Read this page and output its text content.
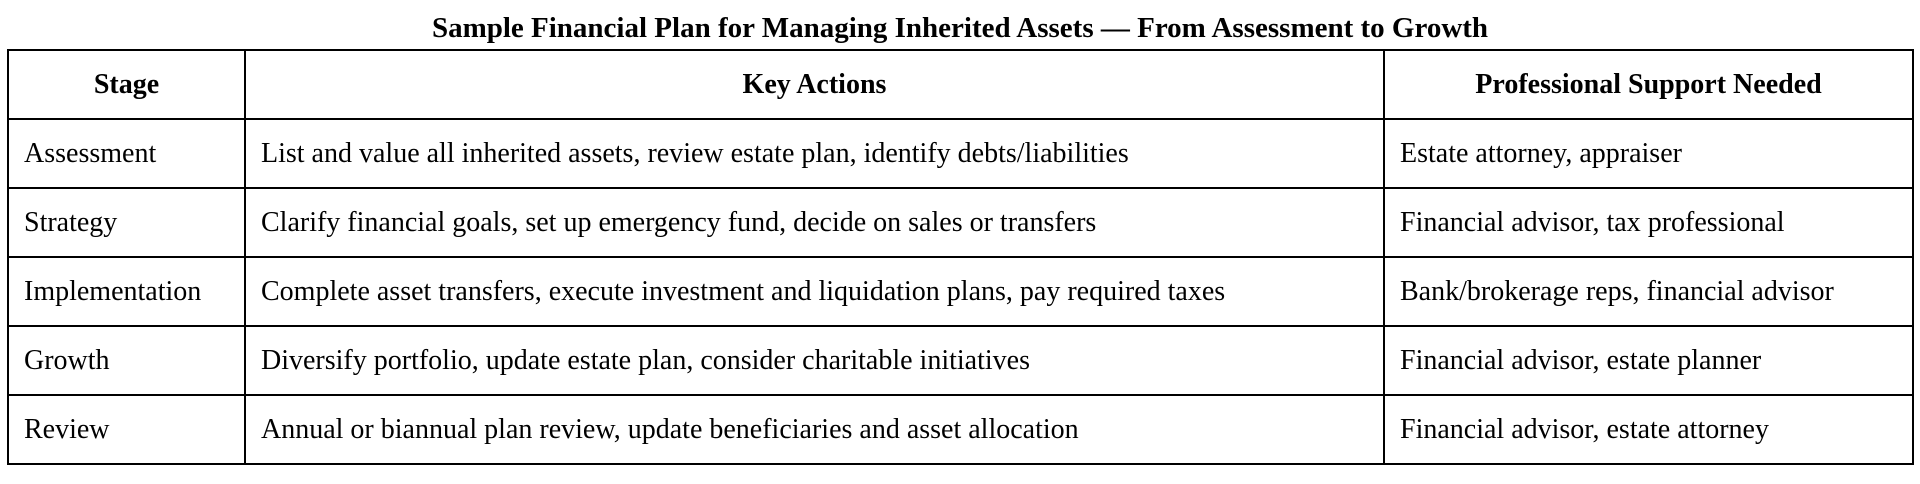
Sample Financial Plan for Managing Inherited Assets — From Assessment to Growth
Stage	Key Actions	Professional Support Needed
Assessment	List and value all inherited assets, review estate plan, identify debts/liabilities	Estate attorney, appraiser
Strategy	Clarify financial goals, set up emergency fund, decide on sales or transfers	Financial advisor, tax professional
Implementation	Complete asset transfers, execute investment and liquidation plans, pay required taxes	Bank/brokerage reps, financial advisor
Growth	Diversify portfolio, update estate plan, consider charitable initiatives	Financial advisor, estate planner
Review	Annual or biannual plan review, update beneficiaries and asset allocation	Financial advisor, estate attorney
